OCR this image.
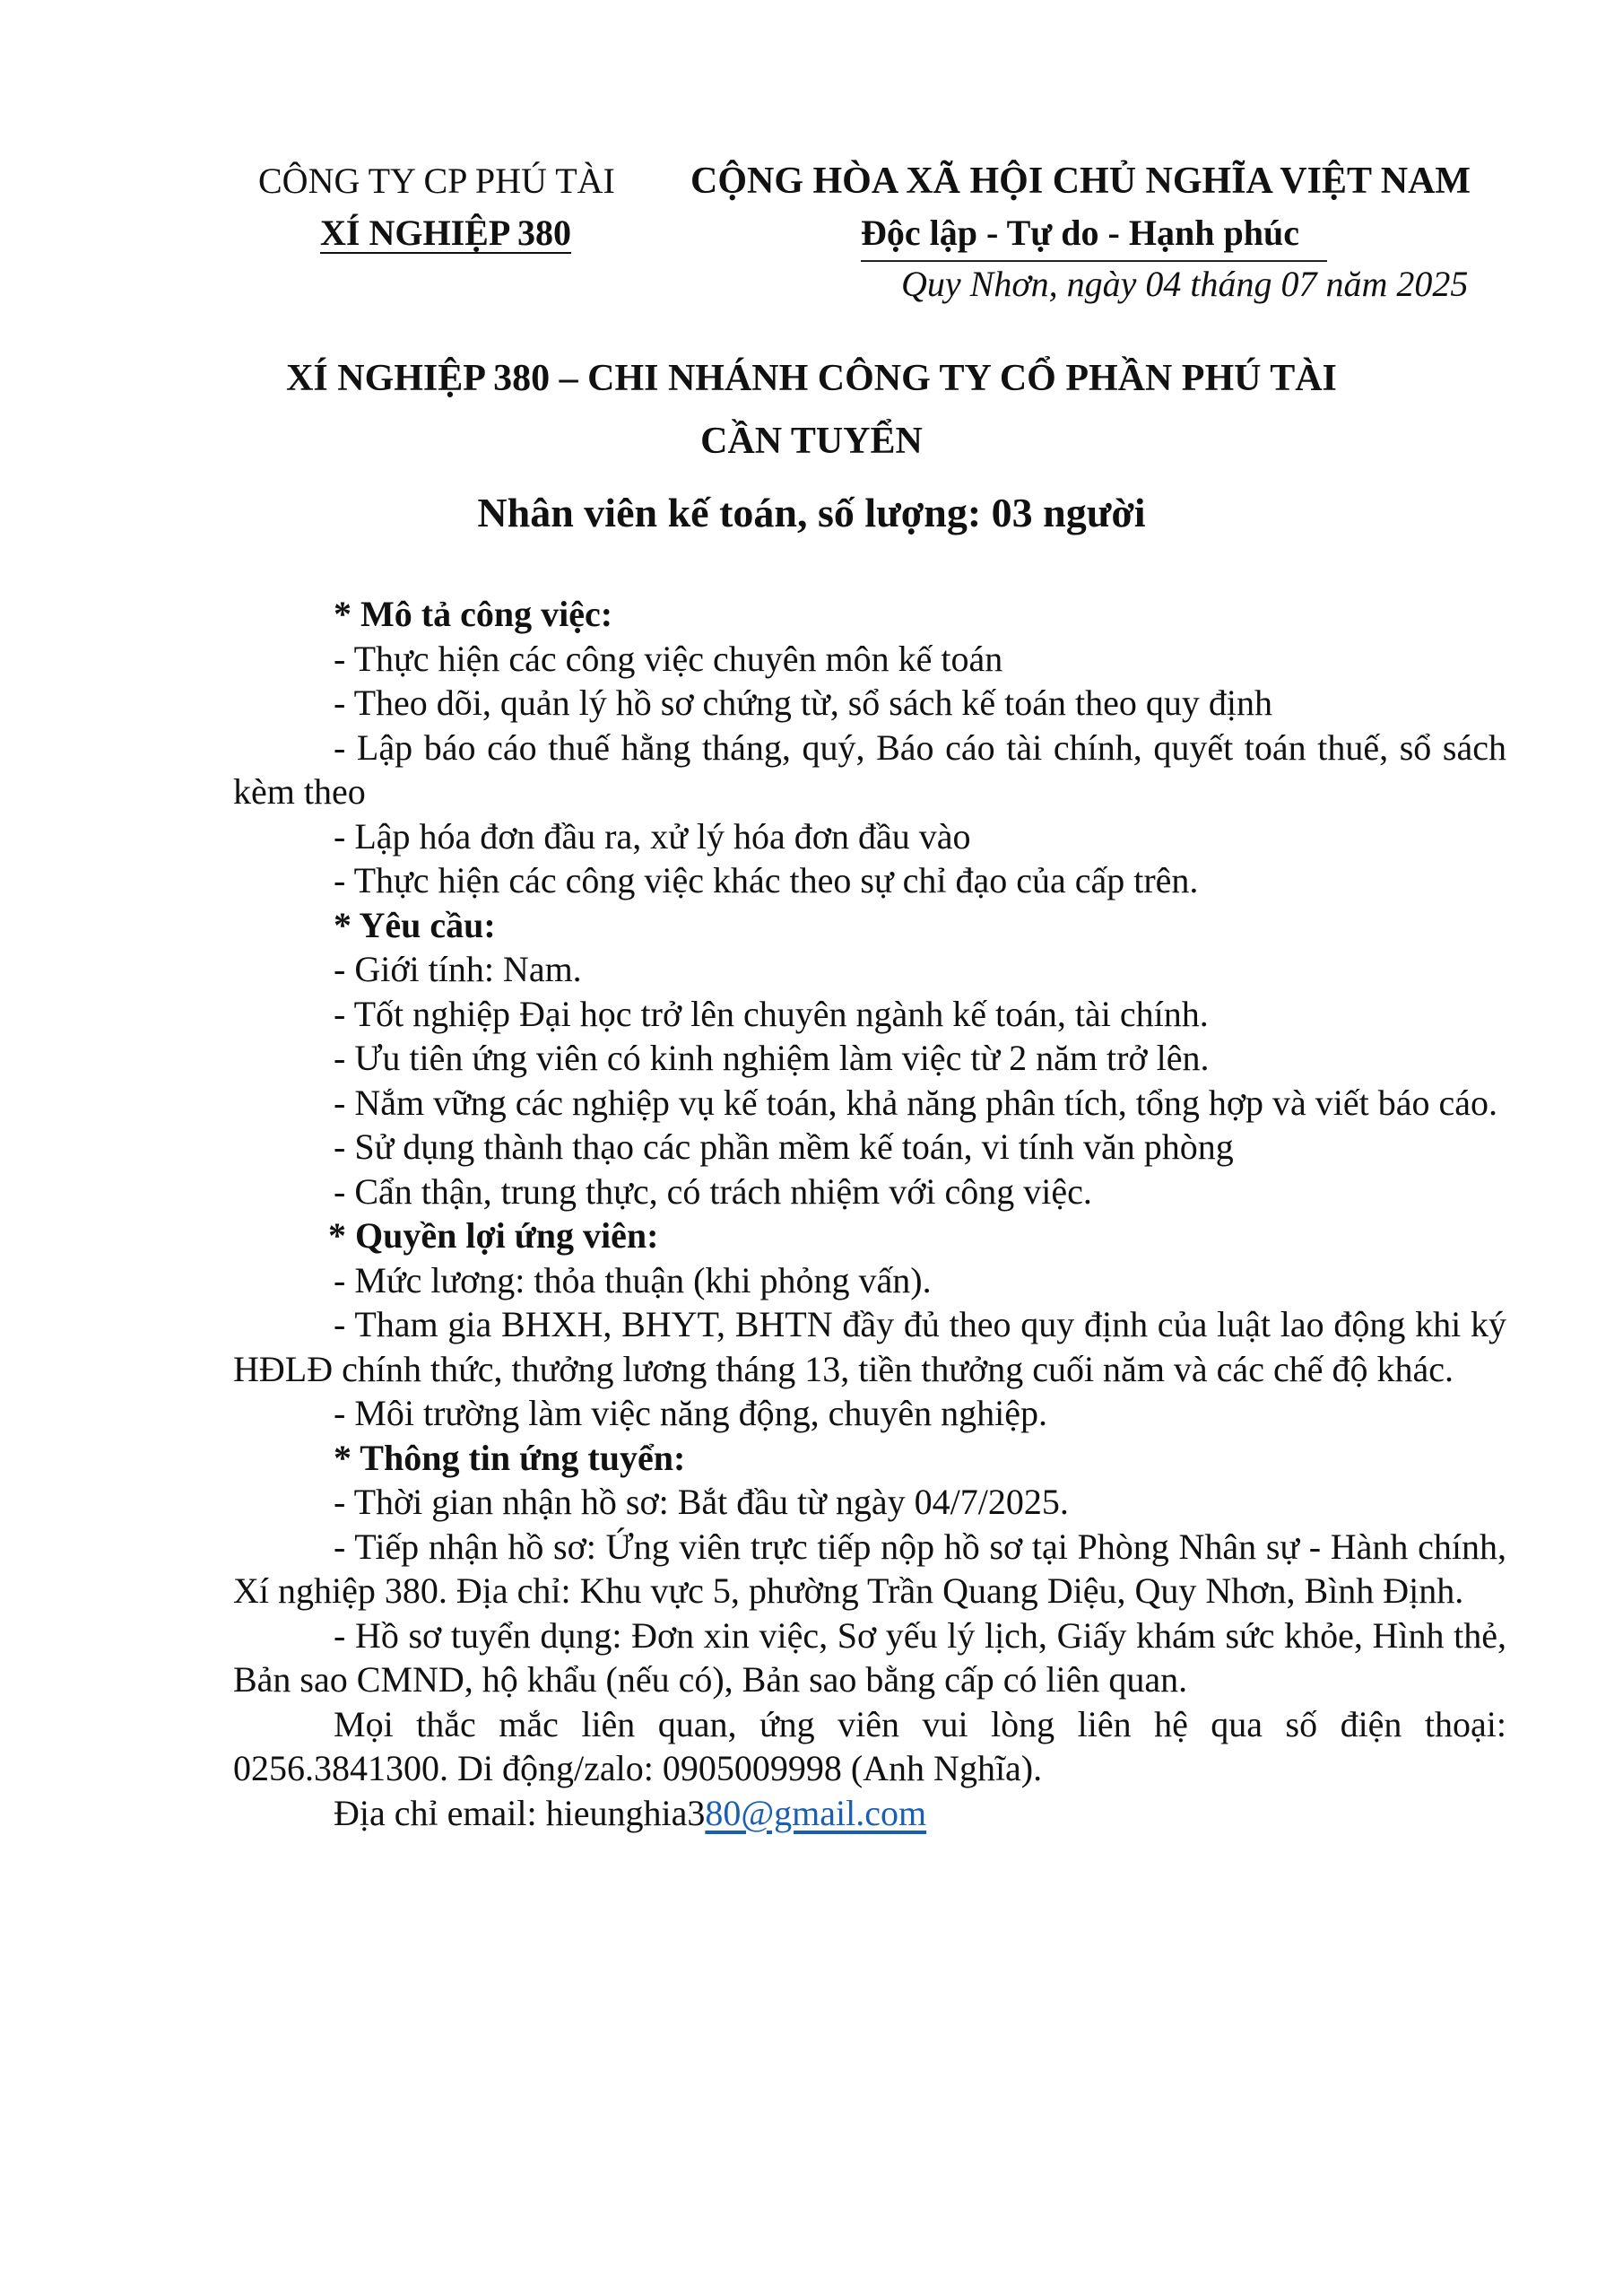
CÔNG TY CP PHÚ TÀI
XÍ NGHIỆP 380
CỘNG HÒA XÃ HỘI CHỦ NGHĨA VIỆT NAM
Độc lập - Tự do - Hạnh phúc
Quy Nhơn, ngày 04 tháng 07 năm 2025
XÍ NGHIỆP 380 – CHI NHÁNH CÔNG TY CỔ PHẦN PHÚ TÀI
CẦN TUYỂN
Nhân viên kế toán, số lượng: 03 người

* Mô tả công việc:

- Thực hiện các công việc chuyên môn kế toán

- Theo dõi, quản lý hồ sơ chứng từ, sổ sách kế toán theo quy định

- Lập báo cáo thuế hằng tháng, quý, Báo cáo tài chính, quyết toán thuế, sổ sách kèm theo

- Lập hóa đơn đầu ra, xử lý hóa đơn đầu vào

- Thực hiện các công việc khác theo sự chỉ đạo của cấp trên.

* Yêu cầu:

- Giới tính: Nam.

- Tốt nghiệp Đại học trở lên chuyên ngành kế toán, tài chính.

- Ưu tiên ứng viên có kinh nghiệm làm việc từ 2 năm trở lên.

- Nắm vững các nghiệp vụ kế toán, khả năng phân tích, tổng hợp và viết báo cáo.

- Sử dụng thành thạo các phần mềm kế toán, vi tính văn phòng

- Cẩn thận, trung thực, có trách nhiệm với công việc.

* Quyền lợi ứng viên:

- Mức lương: thỏa thuận (khi phỏng vấn).

- Tham gia BHXH, BHYT, BHTN đầy đủ theo quy định của luật lao động khi ký HĐLĐ chính thức, thưởng lương tháng 13, tiền thưởng cuối năm và các chế độ khác.

- Môi trường làm việc năng động, chuyên nghiệp.

* Thông tin ứng tuyển:

- Thời gian nhận hồ sơ: Bắt đầu từ ngày 04/7/2025.

- Tiếp nhận hồ sơ: Ứng viên trực tiếp nộp hồ sơ tại Phòng Nhân sự - Hành chính, Xí nghiệp 380. Địa chỉ: Khu vực 5, phường Trần Quang Diệu, Quy Nhơn, Bình Định.

- Hồ sơ tuyển dụng: Đơn xin việc, Sơ yếu lý lịch, Giấy khám sức khỏe, Hình thẻ, Bản sao CMND, hộ khẩu (nếu có), Bản sao bằng cấp có liên quan.

Mọi thắc mắc liên quan, ứng viên vui lòng liên hệ qua số điện thoại: 0256.3841300. Di động/zalo: 0905009998 (Anh Nghĩa).

Địa chỉ email: hieunghia380@gmail.com
